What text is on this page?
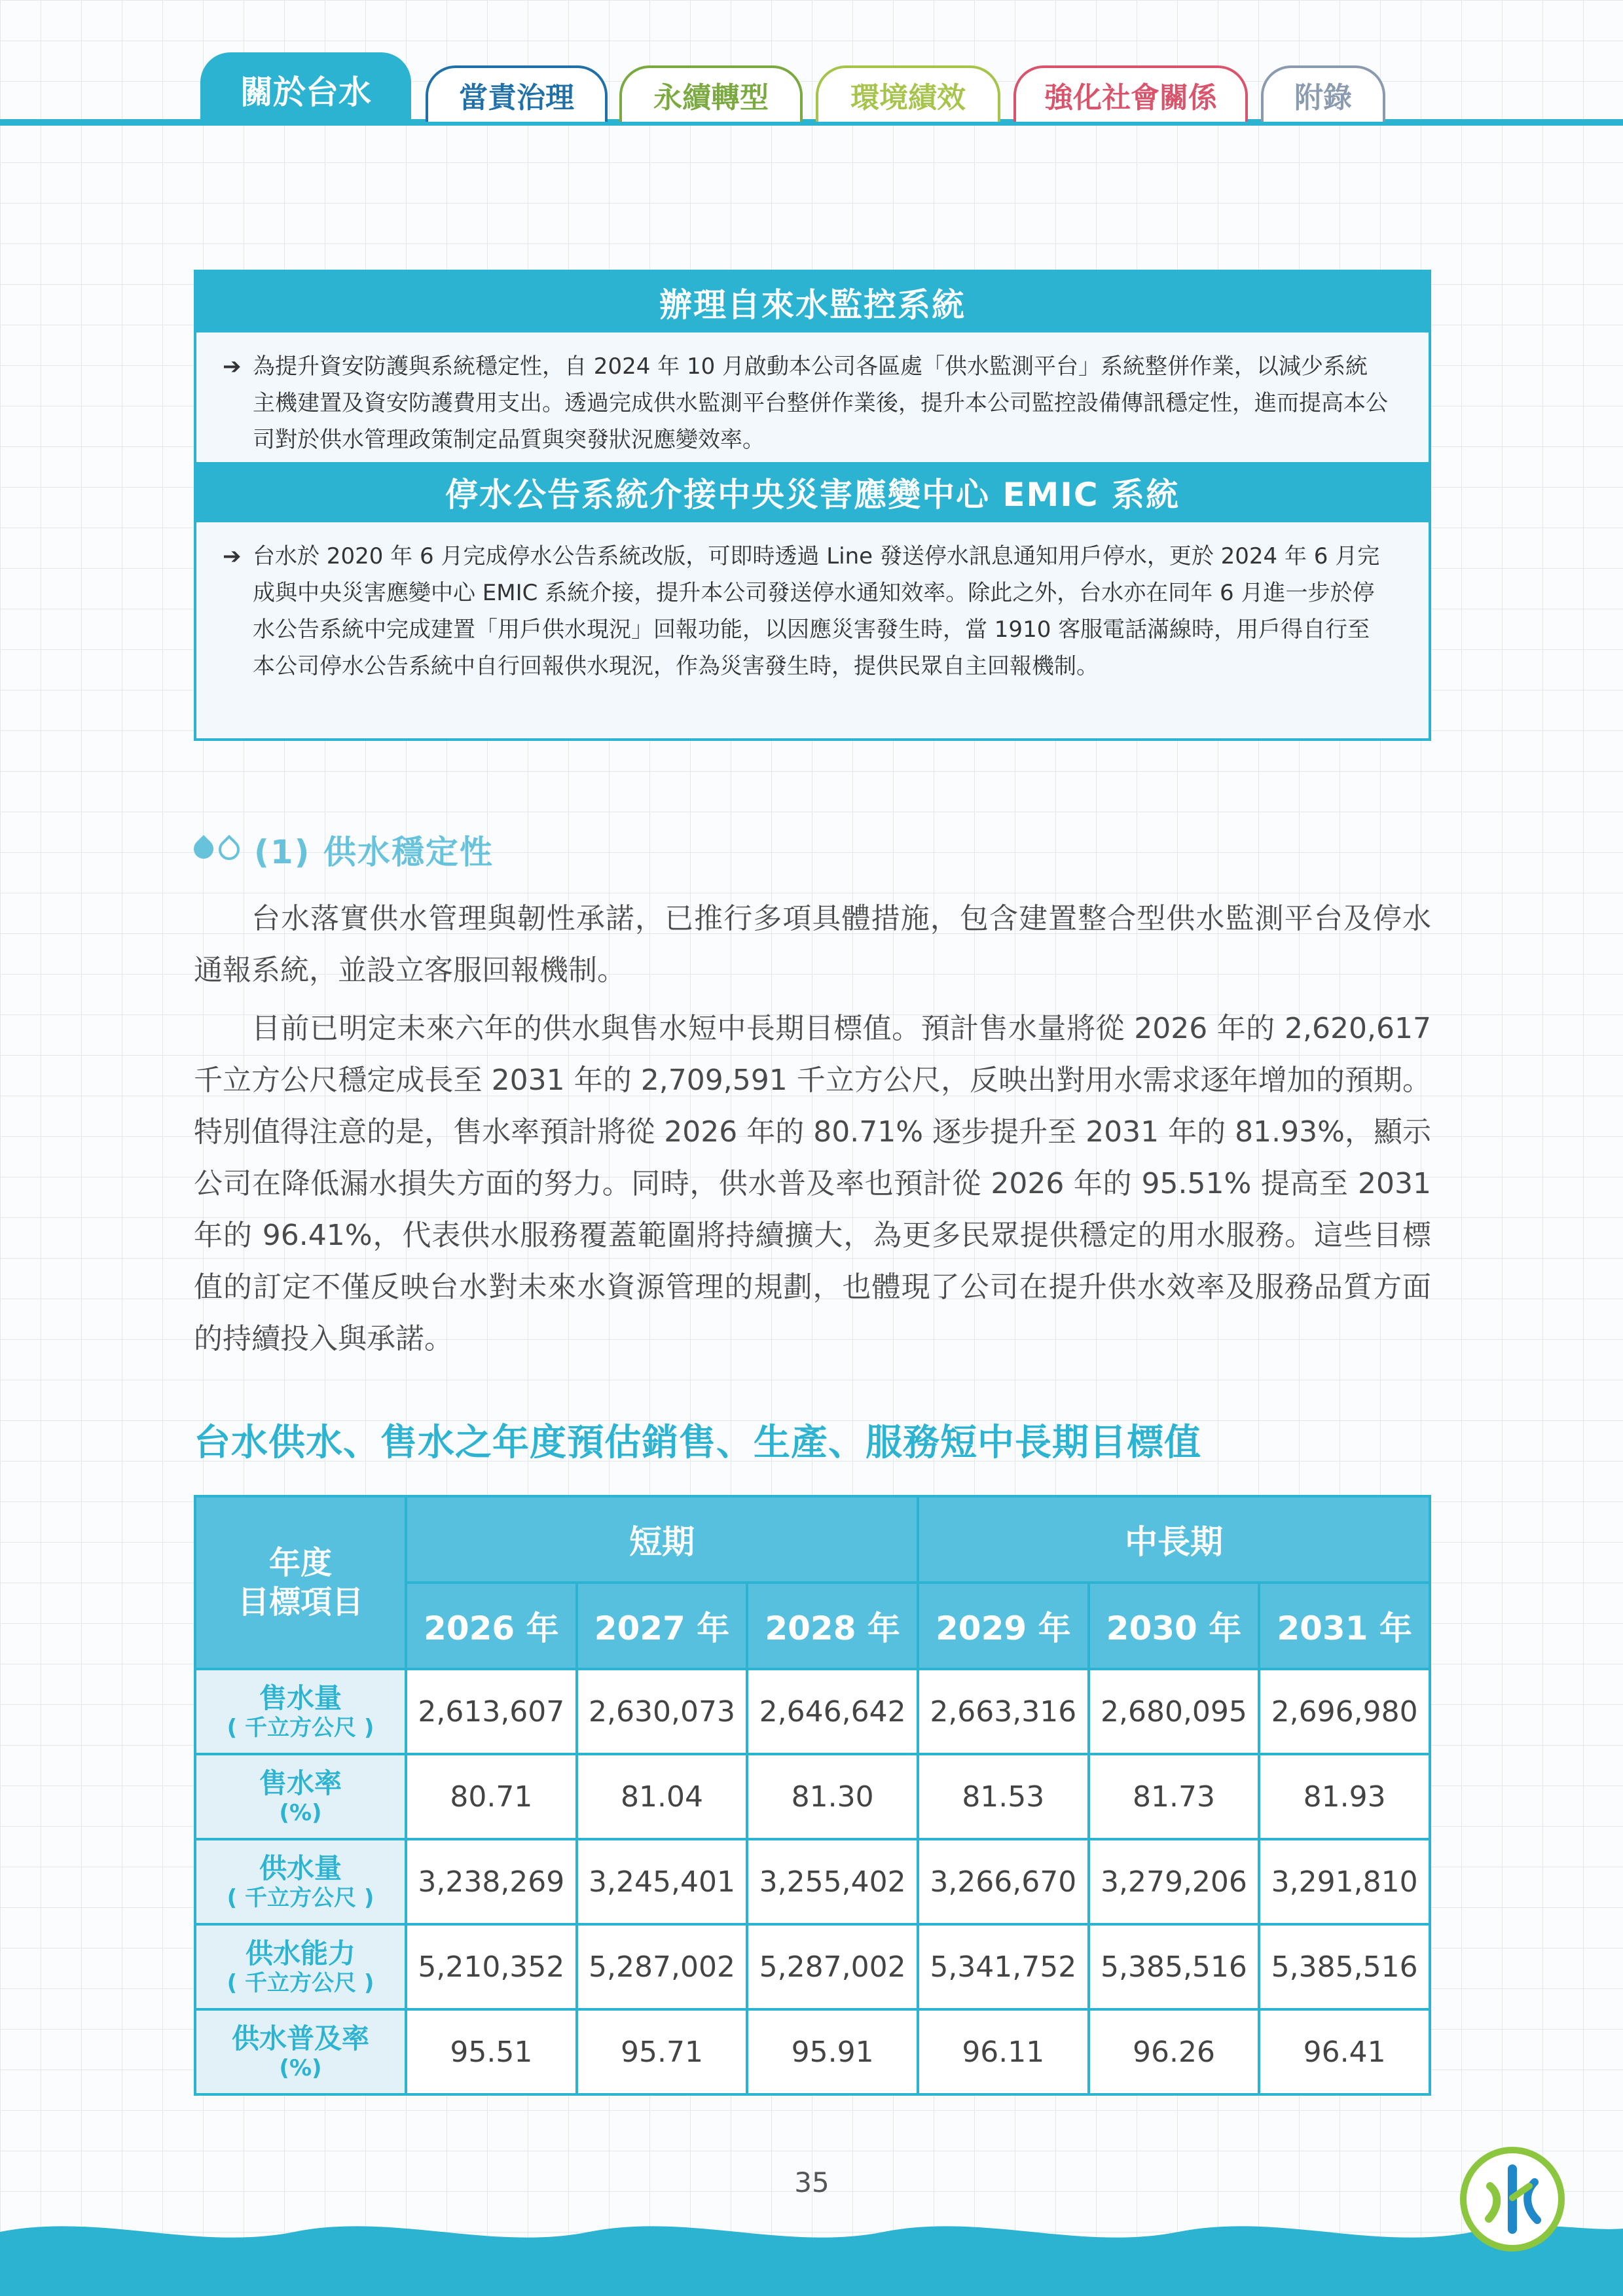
關於台水	當責治理	永續轉型	環境績效	強化社會關係	附錄
辦理自來水監控系統
➔ 為提升資安防護與系統穩定性，自 2024 年 10 月啟動本公司各區處「供水監測平台」系統整併作業，以減少系統主機建置及資安防護費用支出。透過完成供水監測平台整併作業後，提升本公司監控設備傳訊穩定性，進而提高本公司對於供水管理政策制定品質與突發狀況應變效率。
停水公告系統介接中央災害應變中心 EMIC 系統
➔ 台水於 2020 年 6 月完成停水公告系統改版，可即時透過 Line 發送停水訊息通知用戶停水，更於 2024 年 6 月完成與中央災害應變中心 EMIC 系統介接，提升本公司發送停水通知效率。除此之外，台水亦在同年 6 月進一步於停水公告系統中完成建置「用戶供水現況」回報功能，以因應災害發生時，當 1910 客服電話滿線時，用戶得自行至本公司停水公告系統中自行回報供水現況，作為災害發生時，提供民眾自主回報機制。
(1) 供水穩定性

台水落實供水管理與韌性承諾，已推行多項具體措施，包含建置整合型供水監測平台及停水通報系統，並設立客服回報機制。

目前已明定未來六年的供水與售水短中長期目標值。預計售水量將從 2026 年的 2,620,617 千立方公尺穩定成長至 2031 年的 2,709,591 千立方公尺，反映出對用水需求逐年增加的預期。特別值得注意的是，售水率預計將從 2026 年的 80.71% 逐步提升至 2031 年的 81.93%，顯示公司在降低漏水損失方面的努力。同時，供水普及率也預計從 2026 年的 95.51% 提高至 2031 年的 96.41%，代表供水服務覆蓋範圍將持續擴大，為更多民眾提供穩定的用水服務。這些目標值的訂定不僅反映台水對未來水資源管理的規劃，也體現了公司在提升供水效率及服務品質方面的持續投入與承諾。

台水供水、售水之年度預估銷售、生產、服務短中長期目標值
年度
目標項目	短期			中長期		
	2026 年	2027 年	2028 年	2029 年	2030 年	2031 年
售水量
( 千立方公尺 )	2,613,607	2,630,073	2,646,642	2,663,316	2,680,095	2,696,980
售水率
(%)	80.71	81.04	81.30	81.53	81.73	81.93
供水量
( 千立方公尺 )	3,238,269	3,245,401	3,255,402	3,266,670	3,279,206	3,291,810
供水能力
( 千立方公尺 )	5,210,352	5,287,002	5,287,002	5,341,752	5,385,516	5,385,516
供水普及率
(%)	95.51	95.71	95.91	96.11	96.26	96.41
35
